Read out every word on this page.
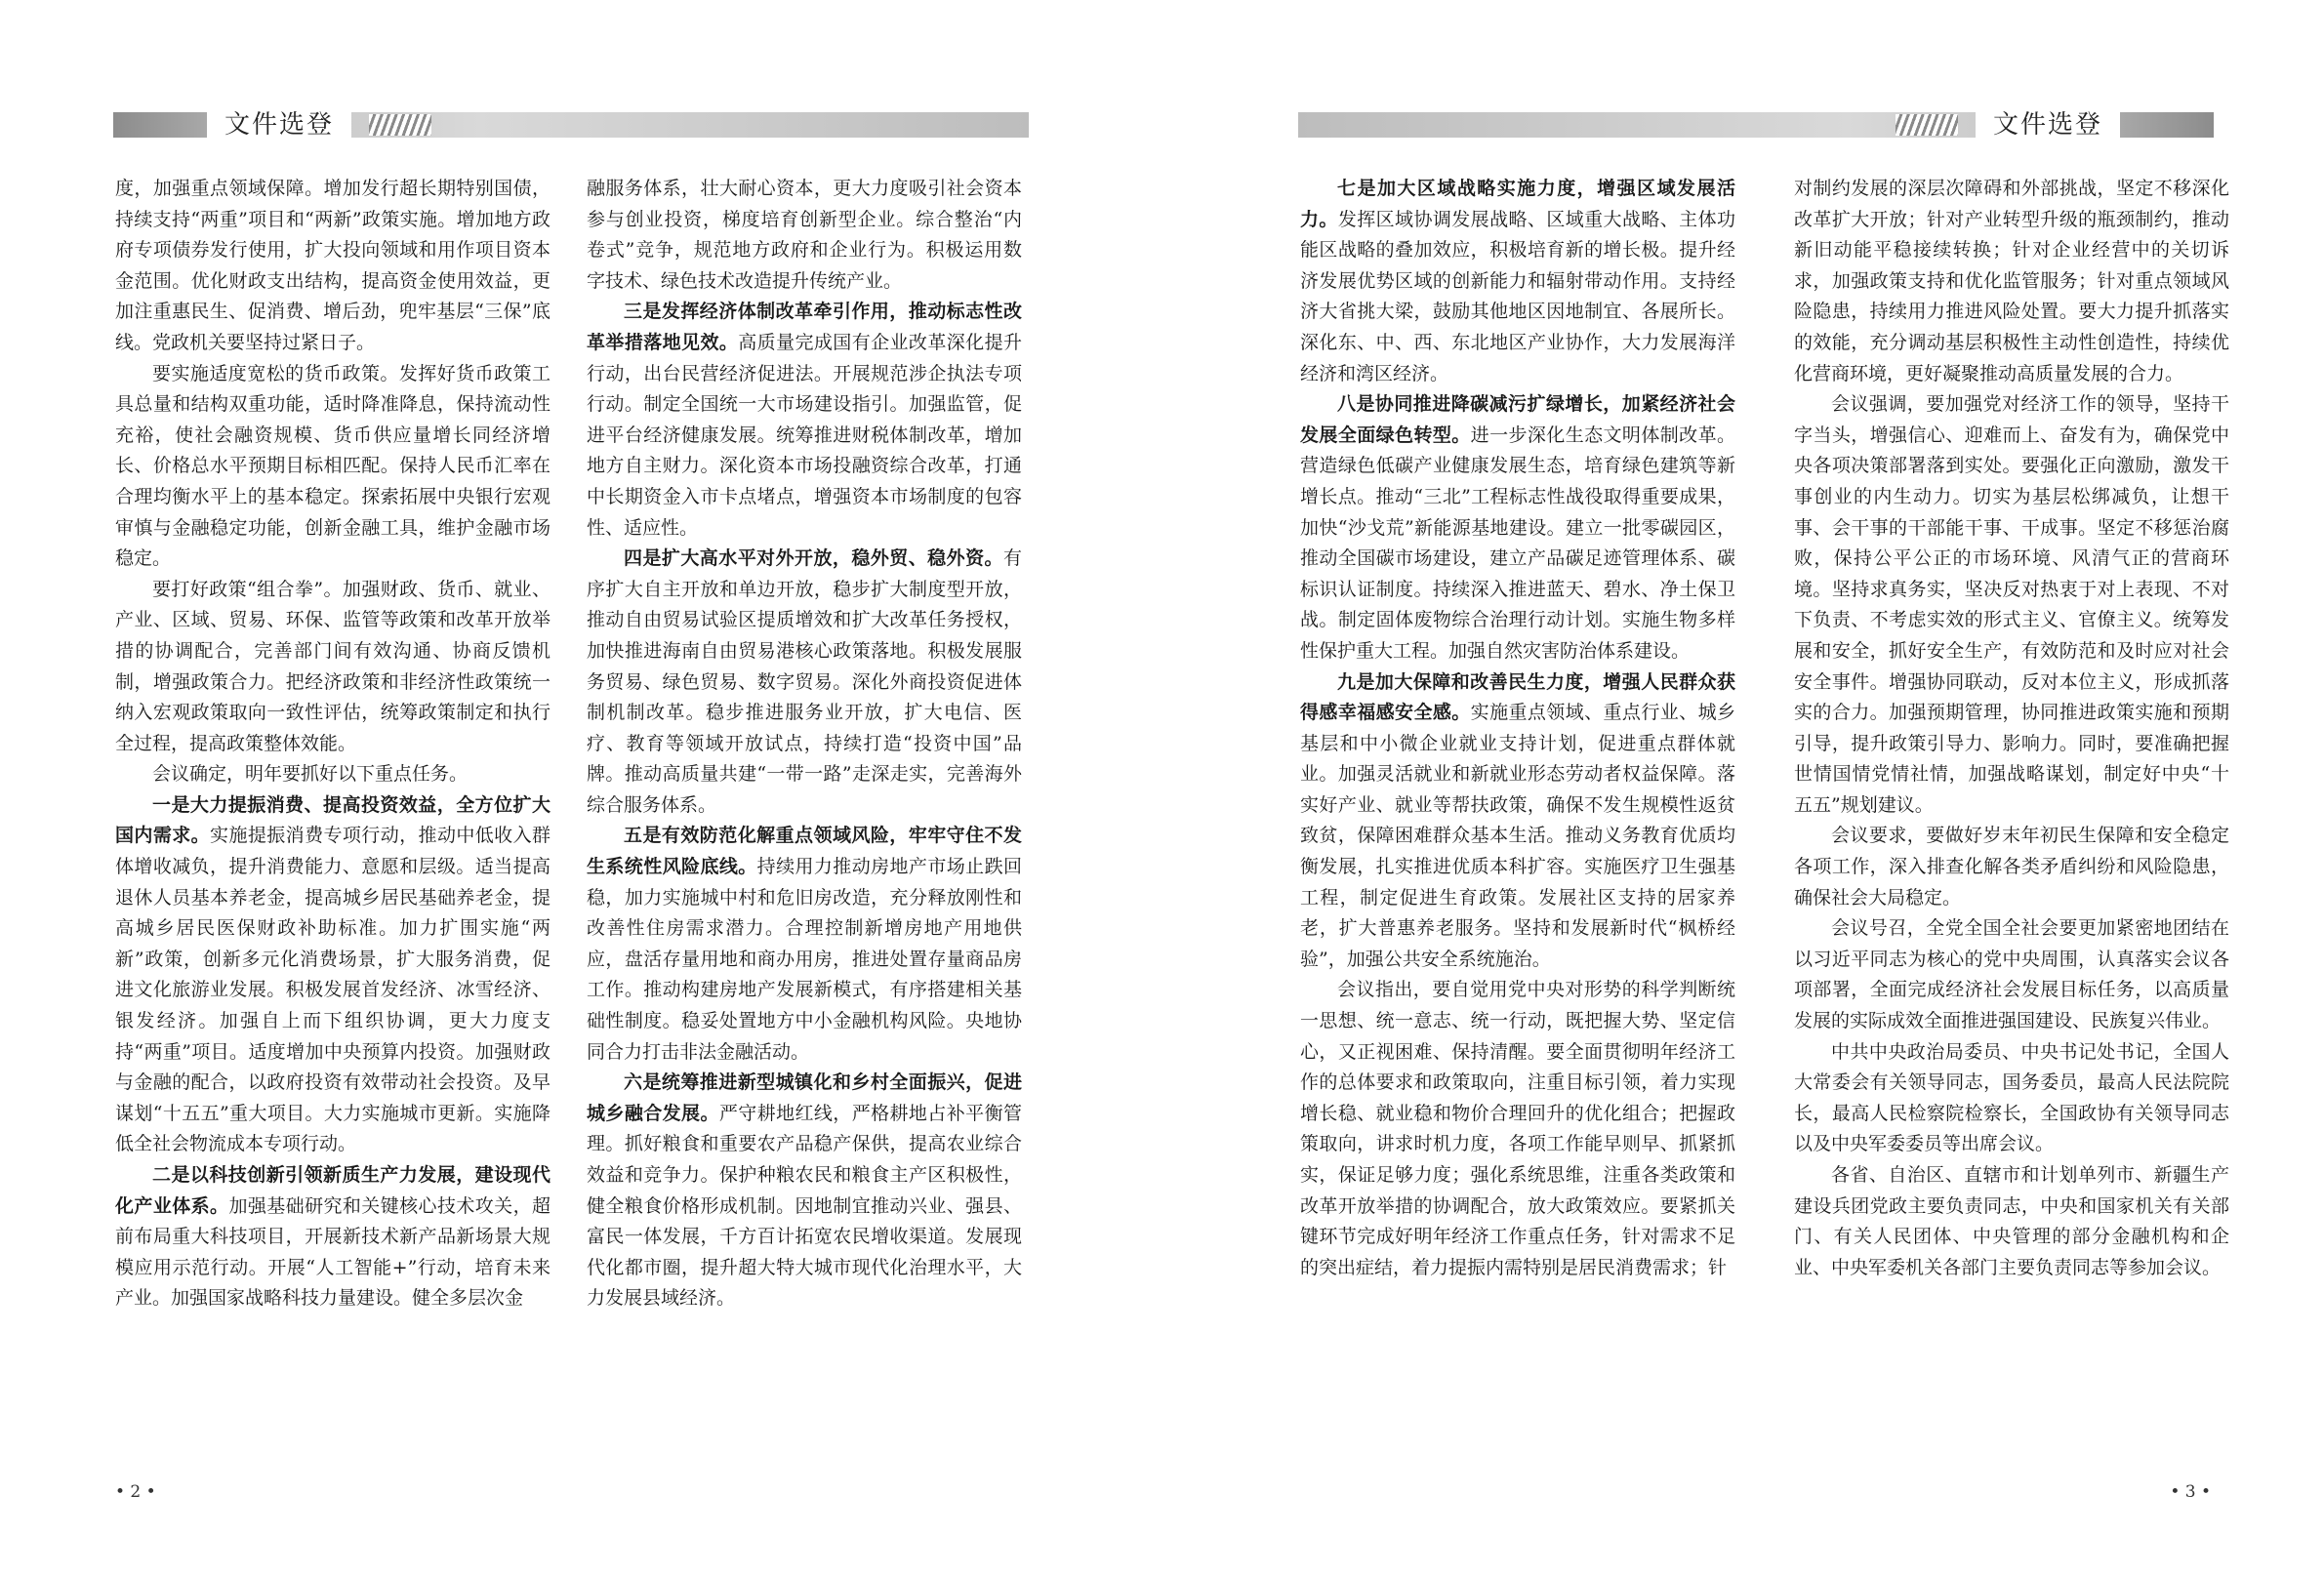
文件选登

度，加强重点领域保障。增加发行超长期特别国债，持续支持“两重”项目和“两新”政策实施。增加地方政府专项债券发行使用，扩大投向领域和用作项目资本金范围。优化财政支出结构，提高资金使用效益，更加注重惠民生、促消费、增后劲，兜牢基层“三保”底线。党政机关要坚持过紧日子。

要实施适度宽松的货币政策。发挥好货币政策工具总量和结构双重功能，适时降准降息，保持流动性充裕，使社会融资规模、货币供应量增长同经济增长、价格总水平预期目标相匹配。保持人民币汇率在合理均衡水平上的基本稳定。探索拓展中央银行宏观审慎与金融稳定功能，创新金融工具，维护金融市场稳定。

要打好政策“组合拳”。加强财政、货币、就业、产业、区域、贸易、环保、监管等政策和改革开放举措的协调配合，完善部门间有效沟通、协商反馈机制，增强政策合力。把经济政策和非经济性政策统一纳入宏观政策取向一致性评估，统筹政策制定和执行全过程，提高政策整体效能。

会议确定，明年要抓好以下重点任务。

一是大力提振消费、提高投资效益，全方位扩大国内需求。实施提振消费专项行动，推动中低收入群体增收减负，提升消费能力、意愿和层级。适当提高退休人员基本养老金，提高城乡居民基础养老金，提高城乡居民医保财政补助标准。加力扩围实施“两新”政策，创新多元化消费场景，扩大服务消费，促进文化旅游业发展。积极发展首发经济、冰雪经济、银发经济。加强自上而下组织协调，更大力度支持“两重”项目。适度增加中央预算内投资。加强财政与金融的配合，以政府投资有效带动社会投资。及早谋划“十五五”重大项目。大力实施城市更新。实施降低全社会物流成本专项行动。

二是以科技创新引领新质生产力发展，建设现代化产业体系。加强基础研究和关键核心技术攻关，超前布局重大科技项目，开展新技术新产品新场景大规模应用示范行动。开展“人工智能+”行动，培育未来产业。加强国家战略科技力量建设。健全多层次金

融服务体系，壮大耐心资本，更大力度吸引社会资本参与创业投资，梯度培育创新型企业。综合整治“内卷式”竞争，规范地方政府和企业行为。积极运用数字技术、绿色技术改造提升传统产业。

三是发挥经济体制改革牵引作用，推动标志性改革举措落地见效。高质量完成国有企业改革深化提升行动，出台民营经济促进法。开展规范涉企执法专项行动。制定全国统一大市场建设指引。加强监管，促进平台经济健康发展。统筹推进财税体制改革，增加地方自主财力。深化资本市场投融资综合改革，打通中长期资金入市卡点堵点，增强资本市场制度的包容性、适应性。

四是扩大高水平对外开放，稳外贸、稳外资。有序扩大自主开放和单边开放，稳步扩大制度型开放，推动自由贸易试验区提质增效和扩大改革任务授权，加快推进海南自由贸易港核心政策落地。积极发展服务贸易、绿色贸易、数字贸易。深化外商投资促进体制机制改革。稳步推进服务业开放，扩大电信、医疗、教育等领域开放试点，持续打造“投资中国”品牌。推动高质量共建“一带一路”走深走实，完善海外综合服务体系。

五是有效防范化解重点领域风险，牢牢守住不发生系统性风险底线。持续用力推动房地产市场止跌回稳，加力实施城中村和危旧房改造，充分释放刚性和改善性住房需求潜力。合理控制新增房地产用地供应，盘活存量用地和商办用房，推进处置存量商品房工作。推动构建房地产发展新模式，有序搭建相关基础性制度。稳妥处置地方中小金融机构风险。央地协同合力打击非法金融活动。

六是统筹推进新型城镇化和乡村全面振兴，促进城乡融合发展。严守耕地红线，严格耕地占补平衡管理。抓好粮食和重要农产品稳产保供，提高农业综合效益和竞争力。保护种粮农民和粮食主产区积极性，健全粮食价格形成机制。因地制宜推动兴业、强县、富民一体发展，千方百计拓宽农民增收渠道。发展现代化都市圈，提升超大特大城市现代化治理水平，大力发展县域经济。

• 2 •
文件选登

七是加大区域战略实施力度，增强区域发展活力。发挥区域协调发展战略、区域重大战略、主体功能区战略的叠加效应，积极培育新的增长极。提升经济发展优势区域的创新能力和辐射带动作用。支持经济大省挑大梁，鼓励其他地区因地制宜、各展所长。深化东、中、西、东北地区产业协作，大力发展海洋经济和湾区经济。

八是协同推进降碳减污扩绿增长，加紧经济社会发展全面绿色转型。进一步深化生态文明体制改革。营造绿色低碳产业健康发展生态，培育绿色建筑等新增长点。推动“三北”工程标志性战役取得重要成果，加快“沙戈荒”新能源基地建设。建立一批零碳园区，推动全国碳市场建设，建立产品碳足迹管理体系、碳标识认证制度。持续深入推进蓝天、碧水、净土保卫战。制定固体废物综合治理行动计划。实施生物多样性保护重大工程。加强自然灾害防治体系建设。

九是加大保障和改善民生力度，增强人民群众获得感幸福感安全感。实施重点领域、重点行业、城乡基层和中小微企业就业支持计划，促进重点群体就业。加强灵活就业和新就业形态劳动者权益保障。落实好产业、就业等帮扶政策，确保不发生规模性返贫致贫，保障困难群众基本生活。推动义务教育优质均衡发展，扎实推进优质本科扩容。实施医疗卫生强基工程，制定促进生育政策。发展社区支持的居家养老，扩大普惠养老服务。坚持和发展新时代“枫桥经验”，加强公共安全系统施治。

会议指出，要自觉用党中央对形势的科学判断统一思想、统一意志、统一行动，既把握大势、坚定信心，又正视困难、保持清醒。要全面贯彻明年经济工作的总体要求和政策取向，注重目标引领，着力实现增长稳、就业稳和物价合理回升的优化组合；把握政策取向，讲求时机力度，各项工作能早则早、抓紧抓实，保证足够力度；强化系统思维，注重各类政策和改革开放举措的协调配合，放大政策效应。要紧抓关键环节完成好明年经济工作重点任务，针对需求不足的突出症结，着力提振内需特别是居民消费需求；针

对制约发展的深层次障碍和外部挑战，坚定不移深化改革扩大开放；针对产业转型升级的瓶颈制约，推动新旧动能平稳接续转换；针对企业经营中的关切诉求，加强政策支持和优化监管服务；针对重点领域风险隐患，持续用力推进风险处置。要大力提升抓落实的效能，充分调动基层积极性主动性创造性，持续优化营商环境，更好凝聚推动高质量发展的合力。

会议强调，要加强党对经济工作的领导，坚持干字当头，增强信心、迎难而上、奋发有为，确保党中央各项决策部署落到实处。要强化正向激励，激发干事创业的内生动力。切实为基层松绑减负，让想干事、会干事的干部能干事、干成事。坚定不移惩治腐败，保持公平公正的市场环境、风清气正的营商环境。坚持求真务实，坚决反对热衷于对上表现、不对下负责、不考虑实效的形式主义、官僚主义。统筹发展和安全，抓好安全生产，有效防范和及时应对社会安全事件。增强协同联动，反对本位主义，形成抓落实的合力。加强预期管理，协同推进政策实施和预期引导，提升政策引导力、影响力。同时，要准确把握世情国情党情社情，加强战略谋划，制定好中央“十五五”规划建议。

会议要求，要做好岁末年初民生保障和安全稳定各项工作，深入排查化解各类矛盾纠纷和风险隐患，确保社会大局稳定。

会议号召，全党全国全社会要更加紧密地团结在以习近平同志为核心的党中央周围，认真落实会议各项部署，全面完成经济社会发展目标任务，以高质量发展的实际成效全面推进强国建设、民族复兴伟业。

中共中央政治局委员、中央书记处书记，全国人大常委会有关领导同志，国务委员，最高人民法院院长，最高人民检察院检察长，全国政协有关领导同志以及中央军委委员等出席会议。

各省、自治区、直辖市和计划单列市、新疆生产建设兵团党政主要负责同志，中央和国家机关有关部门、有关人民团体、中央管理的部分金融机构和企业、中央军委机关各部门主要负责同志等参加会议。

• 3 •
